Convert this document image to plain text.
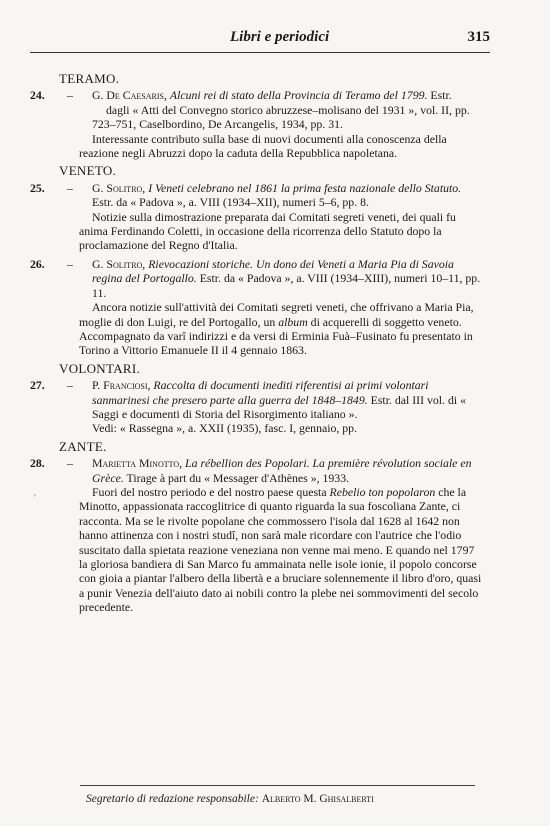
Libri e periodici	315
TERAMO.
24. – G. De Caesaris, Alcuni rei di stato della Provincia di Teramo del 1799. Estr. dagli « Atti del Convegno storico abruzzese–molisano del 1931 », vol. II, pp. 723–751, Caselbordino, De Arcangelis, 1934, pp. 31.
Interessante contributo sulla base di nuovi documenti alla conoscenza della reazione negli Abruzzi dopo la caduta della Repubblica napoletana.
VENETO.
25. – G. Solitro, I Veneti celebrano nel 1861 la prima festa nazionale dello Statuto. Estr. da « Padova », a. VIII (1934–XII), numeri 5–6, pp. 8.
Notizie sulla dimostrazione preparata dai Comitati segreti veneti, dei quali fu anima Ferdinando Coletti, in occasione della ricorrenza dello Statuto dopo la proclamazione del Regno d'Italia.
26. – G. Solitro, Rievocazioni storiche. Un dono dei Veneti a Maria Pia di Savoia regina del Portogallo. Estr. da « Padova », a. VIII (1934–XIII), numeri 10–11, pp. 11.
Ancora notizie sull'attività dei Comitati segreti veneti, che offrivano a Maria Pia, moglie di don Luigi, re del Portogallo, un album di acquerelli di soggetto veneto. Accompagnato da varî indirizzi e da versi di Erminia Fuà–Fusinato fu presentato in Torino a Vittorio Emanuele II il 4 gennaio 1863.
VOLONTARI.
27. – P. Franciosi, Raccolta di documenti inediti riferentisi ai primi volontari sanmarinesi che presero parte alla guerra del 1848–1849. Estr. dal III vol. di « Saggi e documenti di Storia del Risorgimento italiano ».
Vedi: « Rassegna », a. XXII (1935), fasc. I, gennaio, pp.
ZANTE.
28. – Marietta Minotto, La rébellion des Popolari. La première révolution sociale en Grèce. Tirage à part du « Messager d'Athènes », 1933.
Fuori del nostro periodo e del nostro paese questa Rebelio ton popolaron che la Minotto, appassionata raccoglitrice di quanto riguarda la sua foscoliana Zante, ci racconta. Ma se le rivolte popolane che commossero l'isola dal 1628 al 1642 non hanno attinenza con i nostri studî, non sarà male ricordare con l'autrice che l'odio suscitato dalla spietata reazione veneziana non venne mai meno. E quando nel 1797 la gloriosa bandiera di San Marco fu ammainata nelle isole ionie, il popolo concorse con gioia a piantar l'albero della libertà e a bruciare solennemente il libro d'oro, quasi a punir Venezia dell'aiuto dato ai nobili contro la plebe nei sommovimenti del secolo precedente.
'
Segretario di redazione responsabile: Alberto M. Ghisalberti
